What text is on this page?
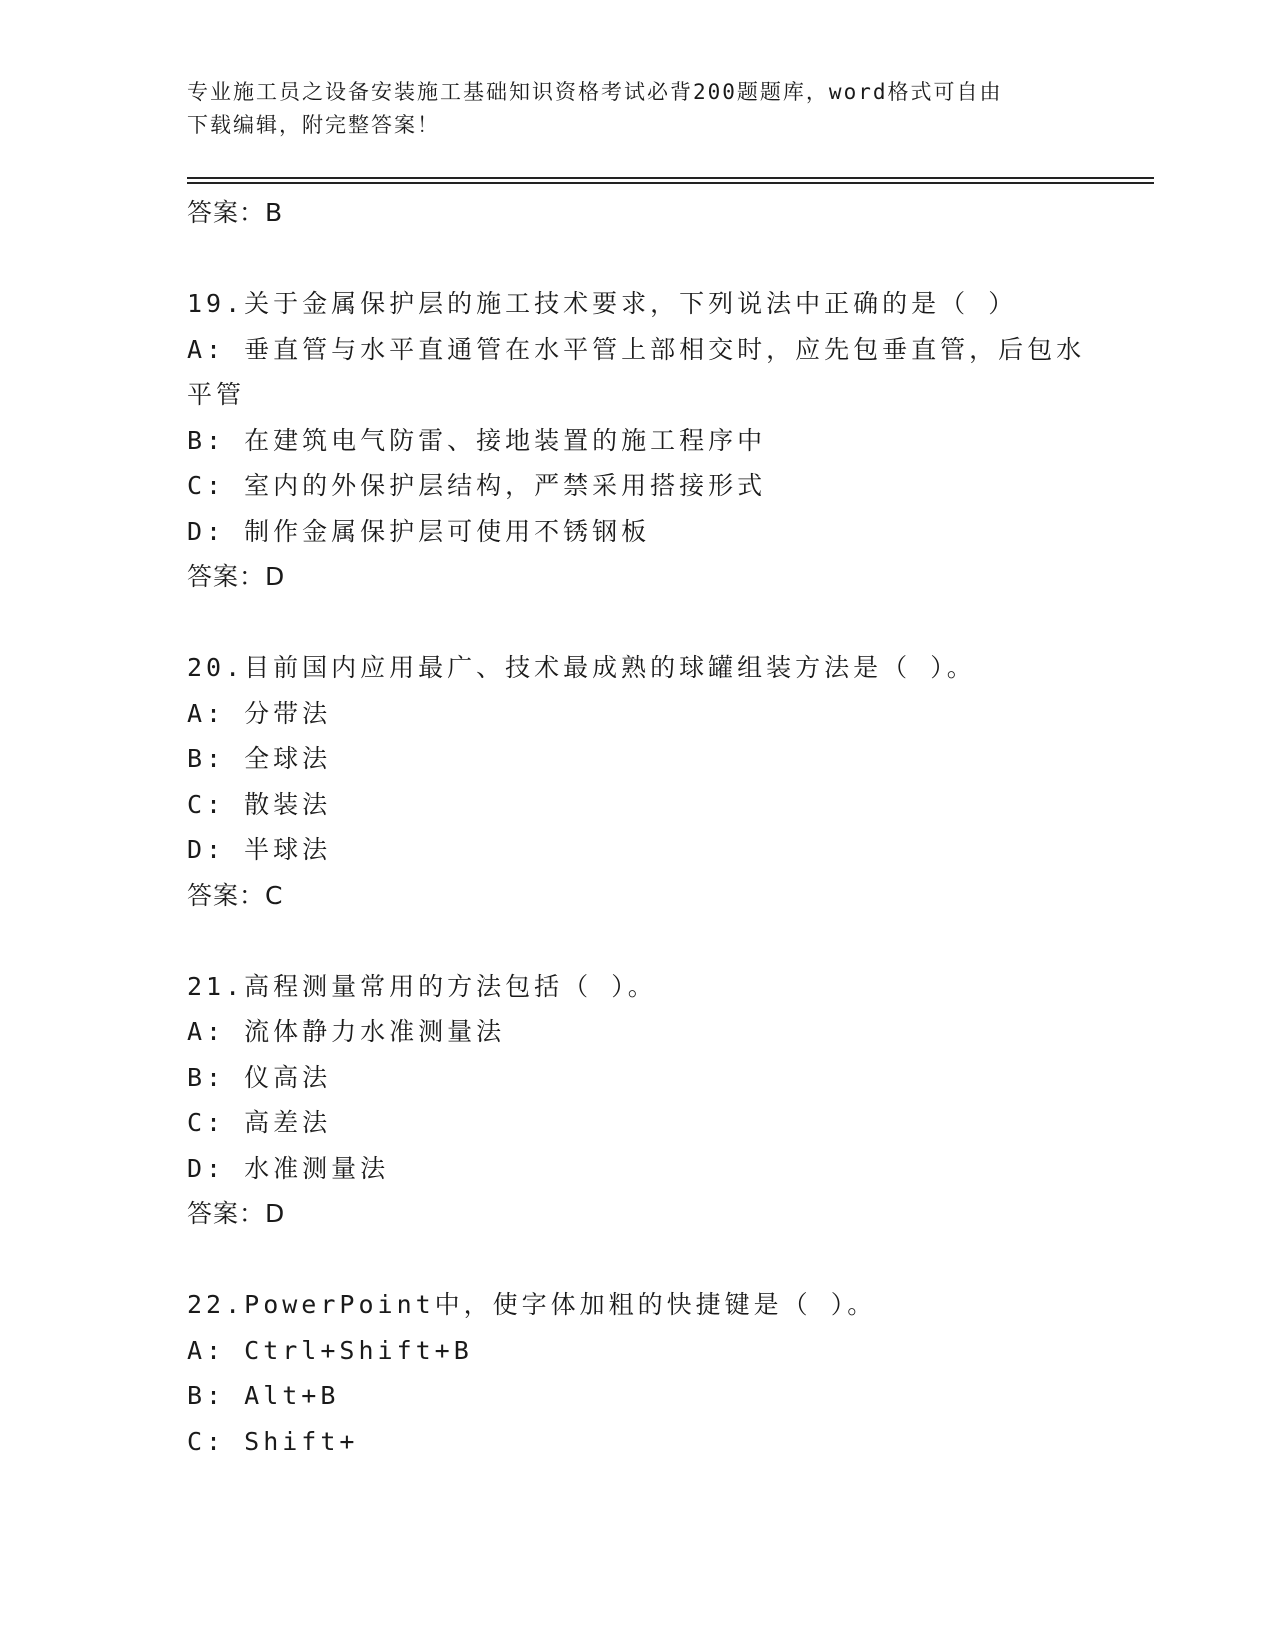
专业施工员之设备安装施工基础知识资格考试必背200题题库，word格式可自由
下载编辑，附完整答案！
答案：B
19.关于金属保护层的施工技术要求，下列说法中正确的是（ ）
A: 垂直管与水平直通管在水平管上部相交时，应先包垂直管，后包水
平管
B: 在建筑电气防雷、接地装置的施工程序中
C: 室内的外保护层结构，严禁采用搭接形式
D: 制作金属保护层可使用不锈钢板
答案：D
20.目前国内应用最广、技术最成熟的球罐组装方法是（ ）。
A: 分带法
B: 全球法
C: 散装法
D: 半球法
答案：C
21.高程测量常用的方法包括（ ）。
A: 流体静力水准测量法
B: 仪高法
C: 高差法
D: 水准测量法
答案：D
22.PowerPoint中，使字体加粗的快捷键是（ ）。
A: Ctrl+Shift+B
B: Alt+B
C: Shift+
